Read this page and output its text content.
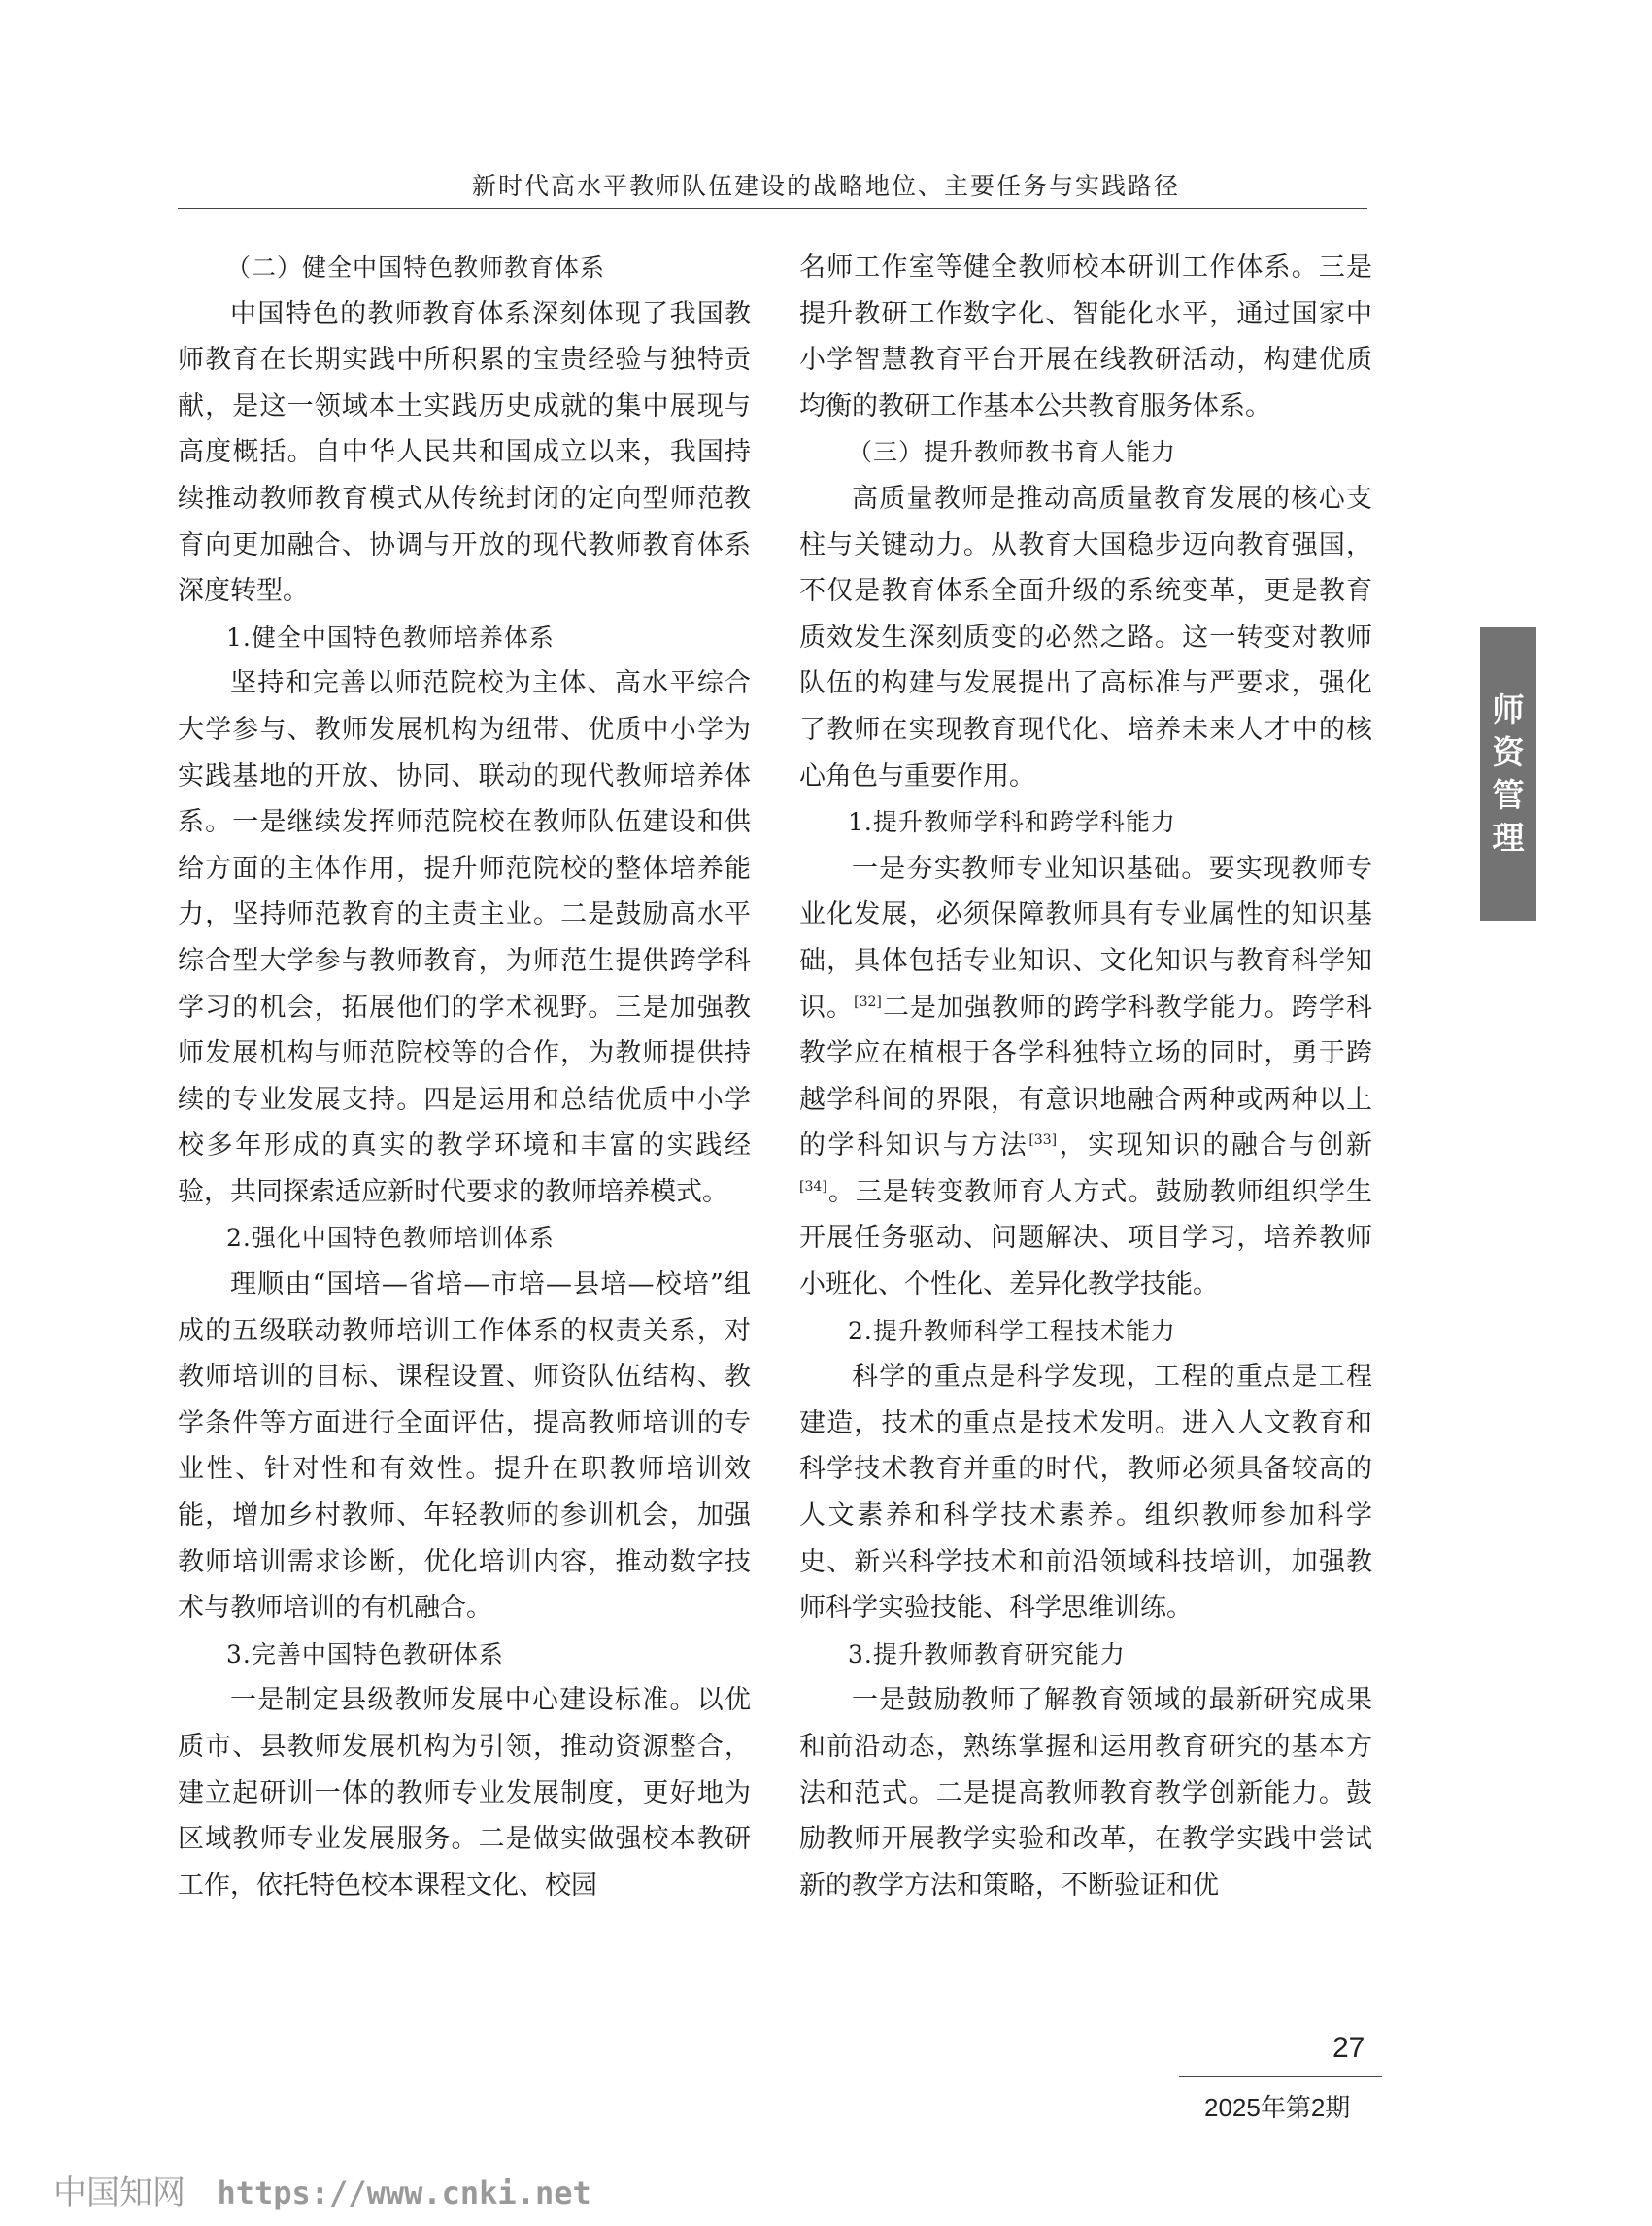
新时代高水平教师队伍建设的战略地位、主要任务与实践路径

（二）健全中国特色教师教育体系

中国特色的教师教育体系深刻体现了我国教师教育在长期实践中所积累的宝贵经验与独特贡献，是这一领域本土实践历史成就的集中展现与高度概括。自中华人民共和国成立以来，我国持续推动教师教育模式从传统封闭的定向型师范教育向更加融合、协调与开放的现代教师教育体系深度转型。

1.健全中国特色教师培养体系

坚持和完善以师范院校为主体、高水平综合大学参与、教师发展机构为纽带、优质中小学为实践基地的开放、协同、联动的现代教师培养体系。一是继续发挥师范院校在教师队伍建设和供给方面的主体作用，提升师范院校的整体培养能力，坚持师范教育的主责主业。二是鼓励高水平综合型大学参与教师教育，为师范生提供跨学科学习的机会，拓展他们的学术视野。三是加强教师发展机构与师范院校等的合作，为教师提供持续的专业发展支持。四是运用和总结优质中小学校多年形成的真实的教学环境和丰富的实践经验，共同探索适应新时代要求的教师培养模式。

2.强化中国特色教师培训体系

理顺由“国培—省培—市培—县培—校培”组成的五级联动教师培训工作体系的权责关系，对教师培训的目标、课程设置、师资队伍结构、教学条件等方面进行全面评估，提高教师培训的专业性、针对性和有效性。提升在职教师培训效能，增加乡村教师、年轻教师的参训机会，加强教师培训需求诊断，优化培训内容，推动数字技术与教师培训的有机融合。

3.完善中国特色教研体系

一是制定县级教师发展中心建设标准。以优质市、县教师发展机构为引领，推动资源整合，建立起研训一体的教师专业发展制度，更好地为区域教师专业发展服务。二是做实做强校本教研工作，依托特色校本课程文化、校园

名师工作室等健全教师校本研训工作体系。三是提升教研工作数字化、智能化水平，通过国家中小学智慧教育平台开展在线教研活动，构建优质均衡的教研工作基本公共教育服务体系。

（三）提升教师教书育人能力

高质量教师是推动高质量教育发展的核心支柱与关键动力。从教育大国稳步迈向教育强国，不仅是教育体系全面升级的系统变革，更是教育质效发生深刻质变的必然之路。这一转变对教师队伍的构建与发展提出了高标准与严要求，强化了教师在实现教育现代化、培养未来人才中的核心角色与重要作用。

1.提升教师学科和跨学科能力

一是夯实教师专业知识基础。要实现教师专业化发展，必须保障教师具有专业属性的知识基础，具体包括专业知识、文化知识与教育科学知识。[32]二是加强教师的跨学科教学能力。跨学科教学应在植根于各学科独特立场的同时，勇于跨越学科间的界限，有意识地融合两种或两种以上的学科知识与方法[33]，实现知识的融合与创新[34]。三是转变教师育人方式。鼓励教师组织学生开展任务驱动、问题解决、项目学习，培养教师小班化、个性化、差异化教学技能。

2.提升教师科学工程技术能力

科学的重点是科学发现，工程的重点是工程建造，技术的重点是技术发明。进入人文教育和科学技术教育并重的时代，教师必须具备较高的人文素养和科学技术素养。组织教师参加科学史、新兴科学技术和前沿领域科技培训，加强教师科学实验技能、科学思维训练。

3.提升教师教育研究能力

一是鼓励教师了解教育领域的最新研究成果和前沿动态，熟练掌握和运用教育研究的基本方法和范式。二是提高教师教育教学创新能力。鼓励教师开展教学实验和改革，在教学实践中尝试新的教学方法和策略，不断验证和优

师
资
管
理
27
2025年第2期
中国知网 https://www.cnki.net
